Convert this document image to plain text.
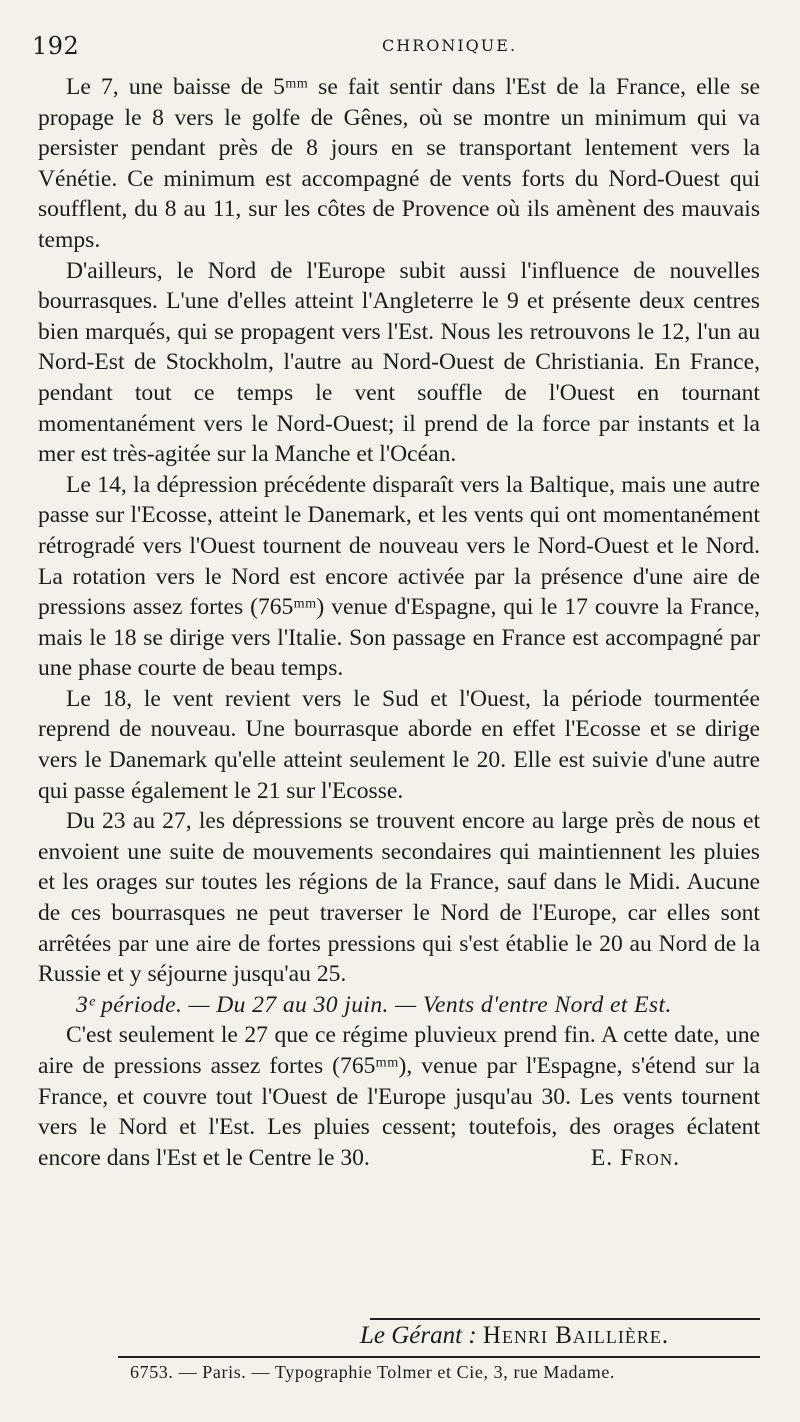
192	CHRONIQUE.

Le 7, une baisse de 5ᵐᵐ se fait sentir dans l'Est de la France, elle se propage le 8 vers le golfe de Gênes, où se montre un minimum qui va persister pendant près de 8 jours en se transportant lentement vers la Vénétie. Ce minimum est accompagné de vents forts du Nord-Ouest qui soufflent, du 8 au 11, sur les côtes de Provence où ils amènent des mauvais temps.

D'ailleurs, le Nord de l'Europe subit aussi l'influence de nouvelles bourrasques. L'une d'elles atteint l'Angleterre le 9 et présente deux centres bien marqués, qui se propagent vers l'Est. Nous les retrouvons le 12, l'un au Nord-Est de Stockholm, l'autre au Nord-Ouest de Christiania. En France, pendant tout ce temps le vent souffle de l'Ouest en tournant momentanément vers le Nord-Ouest; il prend de la force par instants et la mer est très-agitée sur la Manche et l'Océan.

Le 14, la dépression précédente disparaît vers la Baltique, mais une autre passe sur l'Ecosse, atteint le Danemark, et les vents qui ont momentanément rétrogradé vers l'Ouest tournent de nouveau vers le Nord-Ouest et le Nord. La rotation vers le Nord est encore activée par la présence d'une aire de pressions assez fortes (765ᵐᵐ) venue d'Espagne, qui le 17 couvre la France, mais le 18 se dirige vers l'Italie. Son passage en France est accompagné par une phase courte de beau temps.

Le 18, le vent revient vers le Sud et l'Ouest, la période tourmentée reprend de nouveau. Une bourrasque aborde en effet l'Ecosse et se dirige vers le Danemark qu'elle atteint seulement le 20. Elle est suivie d'une autre qui passe également le 21 sur l'Ecosse.

Du 23 au 27, les dépressions se trouvent encore au large près de nous et envoient une suite de mouvements secondaires qui maintiennent les pluies et les orages sur toutes les régions de la France, sauf dans le Midi. Aucune de ces bourrasques ne peut traverser le Nord de l'Europe, car elles sont arrêtées par une aire de fortes pressions qui s'est établie le 20 au Nord de la Russie et y séjourne jusqu'au 25.

3ᵉ période. — Du 27 au 30 juin. — Vents d'entre Nord et Est.

C'est seulement le 27 que ce régime pluvieux prend fin. A cette date, une aire de pressions assez fortes (765ᵐᵐ), venue par l'Espagne, s'étend sur la France, et couvre tout l'Ouest de l'Europe jusqu'au 30. Les vents tournent vers le Nord et l'Est. Les pluies cessent; toutefois, des orages éclatent encore dans l'Est et le Centre le 30.	E. Fron.
Le Gérant : Henri Baillière.
6753. — Paris. — Typographie Tolmer et Cie, 3, rue Madame.
